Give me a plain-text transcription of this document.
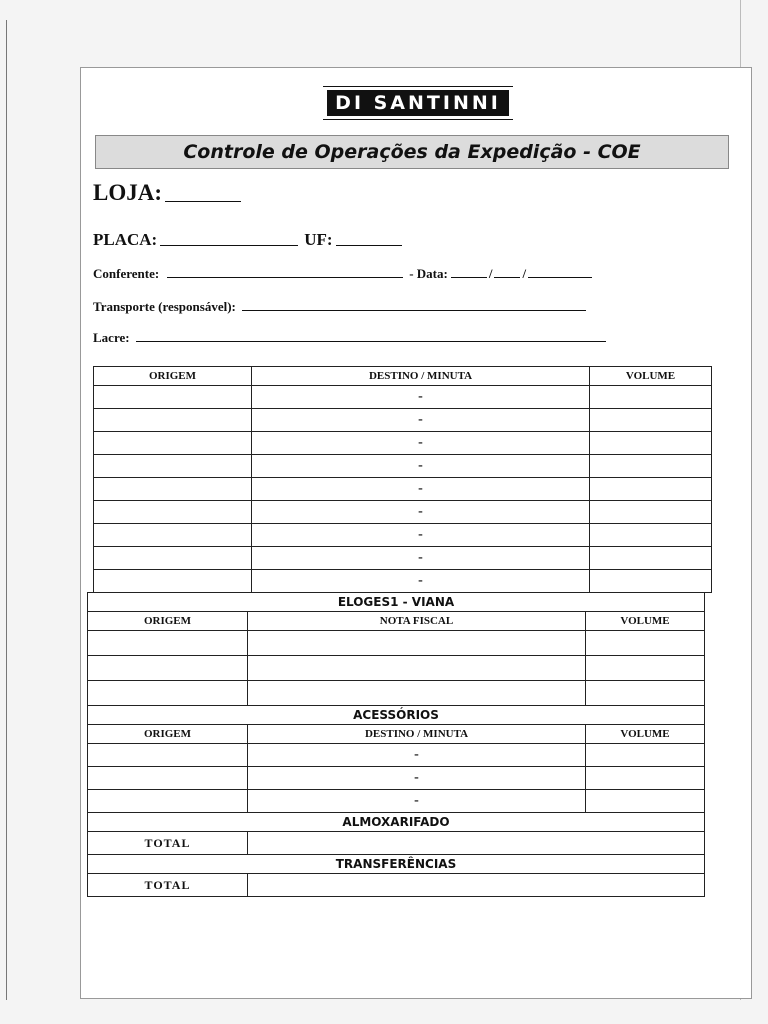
DI SANTINNI
Controle de Operações da Expedição - COE
LOJA:
PLACA:	UF:
Conferente:	- Data:	/ /
Transporte (responsável):
Lacre:
ORIGEM	DESTINO / MINUTA	VOLUME
	-	
	-	
	-	
	-	
	-	
	-	
	-	
	-	
	-	
ELOGES1 - VIANA		
ORIGEM	NOTA FISCAL	VOLUME

ACESSÓRIOS		
ORIGEM	DESTINO / MINUTA	VOLUME
	-	
	-	
	-	
ALMOXARIFADO		
TOTAL		
TRANSFERÊNCIAS		
TOTAL		
